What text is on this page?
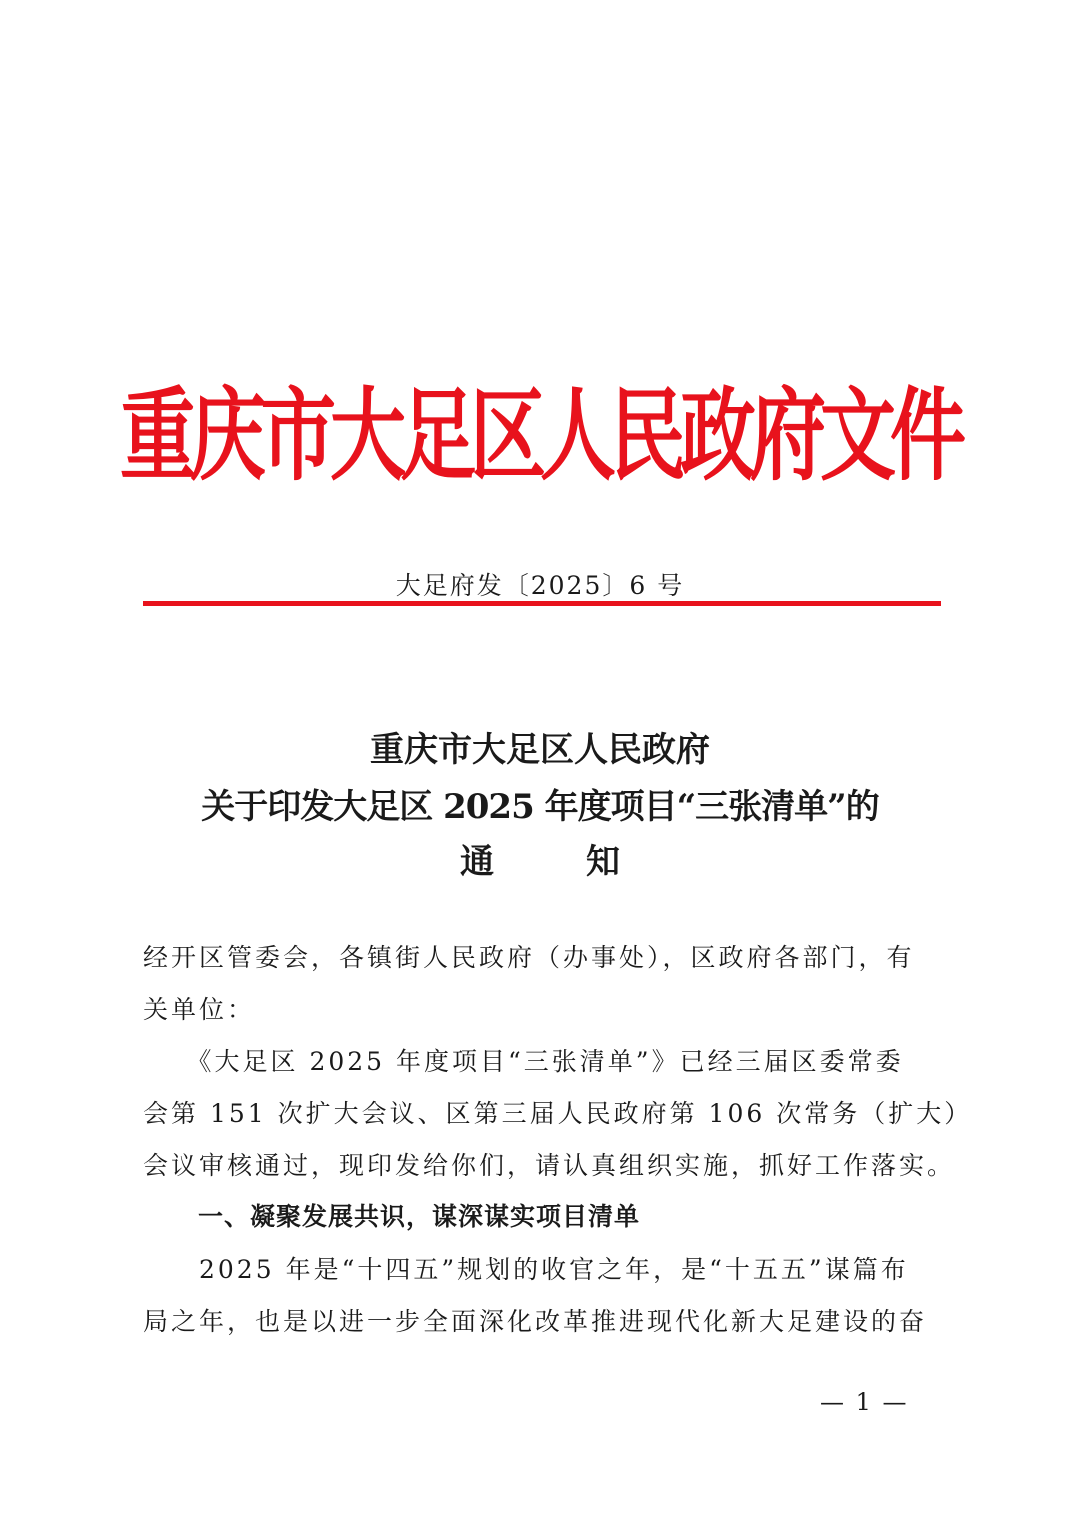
重庆市大足区人民政府文件
大足府发〔2025〕6 号
重庆市大足区人民政府
关于印发大足区 2025 年度项目“三张清单”的
通	知
经开区管委会，各镇街人民政府（办事处），区政府各部门，有
关单位：
　　《大足区 2025 年度项目“三张清单”》已经三届区委常委
会第 151 次扩大会议、区第三届人民政府第 106 次常务（扩大）
会议审核通过，现印发给你们，请认真组织实施，抓好工作落实。
一、凝聚发展共识，谋深谋实项目清单
　　2025 年是“十四五”规划的收官之年，是“十五五”谋篇布
局之年，也是以进一步全面深化改革推进现代化新大足建设的奋
— 1 —
